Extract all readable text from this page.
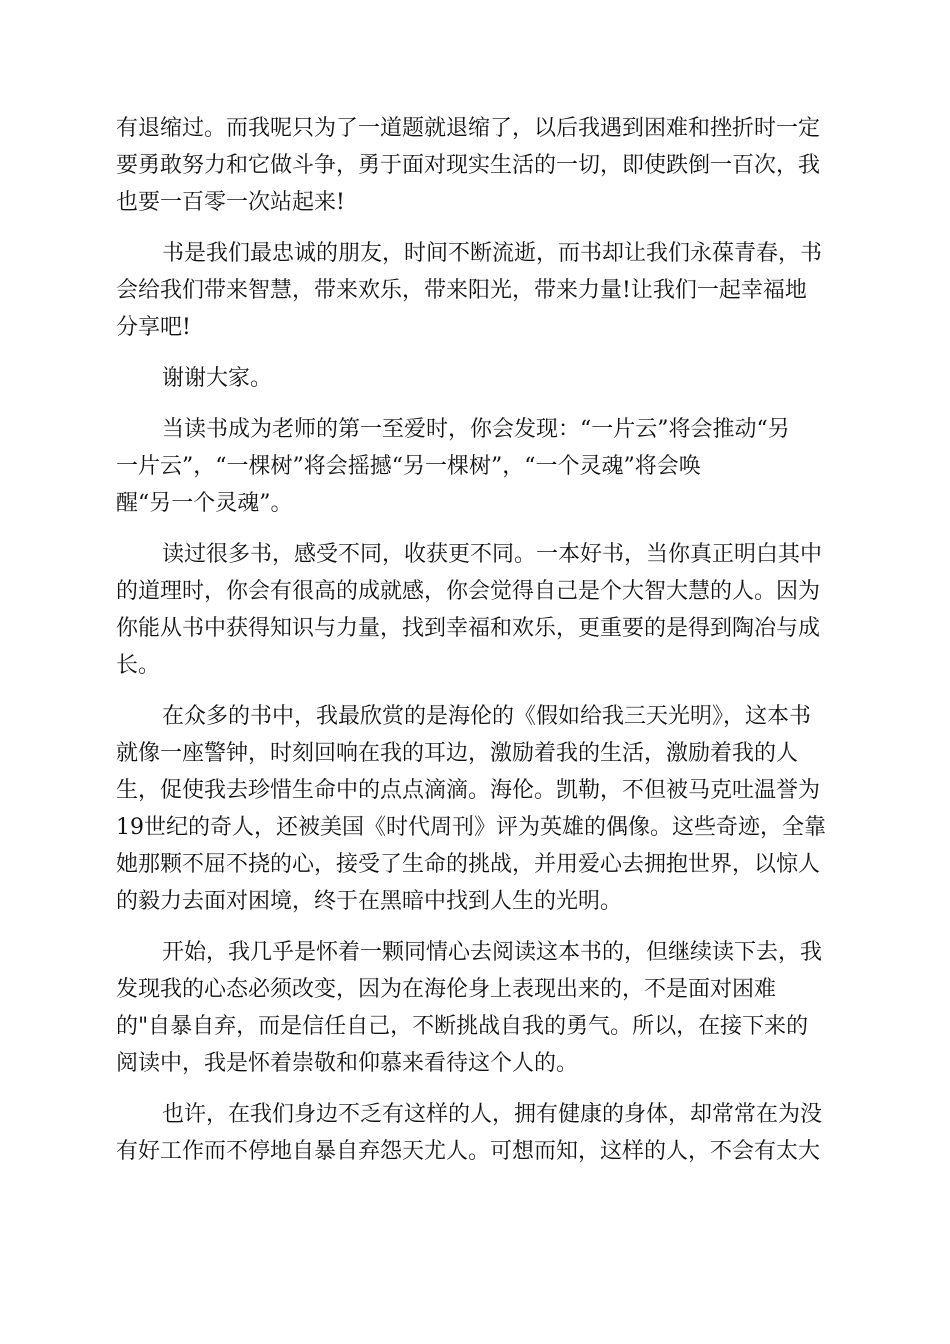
有退缩过。而我呢只为了一道题就退缩了，以后我遇到困难和挫折时一定
要勇敢努力和它做斗争，勇于面对现实生活的一切，即使跌倒一百次，我
也要一百零一次站起来!
书是我们最忠诚的朋友，时间不断流逝，而书却让我们永葆青春，书
会给我们带来智慧，带来欢乐，带来阳光，带来力量!让我们一起幸福地
分享吧!
谢谢大家。
当读书成为老师的第一至爱时，你会发现：“一片云”将会推动“另
一片云”，“一棵树”将会摇撼“另一棵树”，“一个灵魂”将会唤
醒“另一个灵魂”。
读过很多书，感受不同，收获更不同。一本好书，当你真正明白其中
的道理时，你会有很高的成就感，你会觉得自己是个大智大慧的人。因为
你能从书中获得知识与力量，找到幸福和欢乐，更重要的是得到陶冶与成
长。
在众多的书中，我最欣赏的是海伦的《假如给我三天光明》，这本书
就像一座警钟，时刻回响在我的耳边，激励着我的生活，激励着我的人
生，促使我去珍惜生命中的点点滴滴。海伦。凯勒，不但被马克吐温誉为
19世纪的奇人，还被美国《时代周刊》评为英雄的偶像。这些奇迹，全靠
她那颗不屈不挠的心，接受了生命的挑战，并用爱心去拥抱世界，以惊人
的毅力去面对困境，终于在黑暗中找到人生的光明。
开始，我几乎是怀着一颗同情心去阅读这本书的，但继续读下去，我
发现我的心态必须改变，因为在海伦身上表现出来的，不是面对困难
的"自暴自弃，而是信任自己，不断挑战自我的勇气。所以，在接下来的
阅读中，我是怀着崇敬和仰慕来看待这个人的。
也许，在我们身边不乏有这样的人，拥有健康的身体，却常常在为没
有好工作而不停地自暴自弃怨天尤人。可想而知，这样的人，不会有太大
